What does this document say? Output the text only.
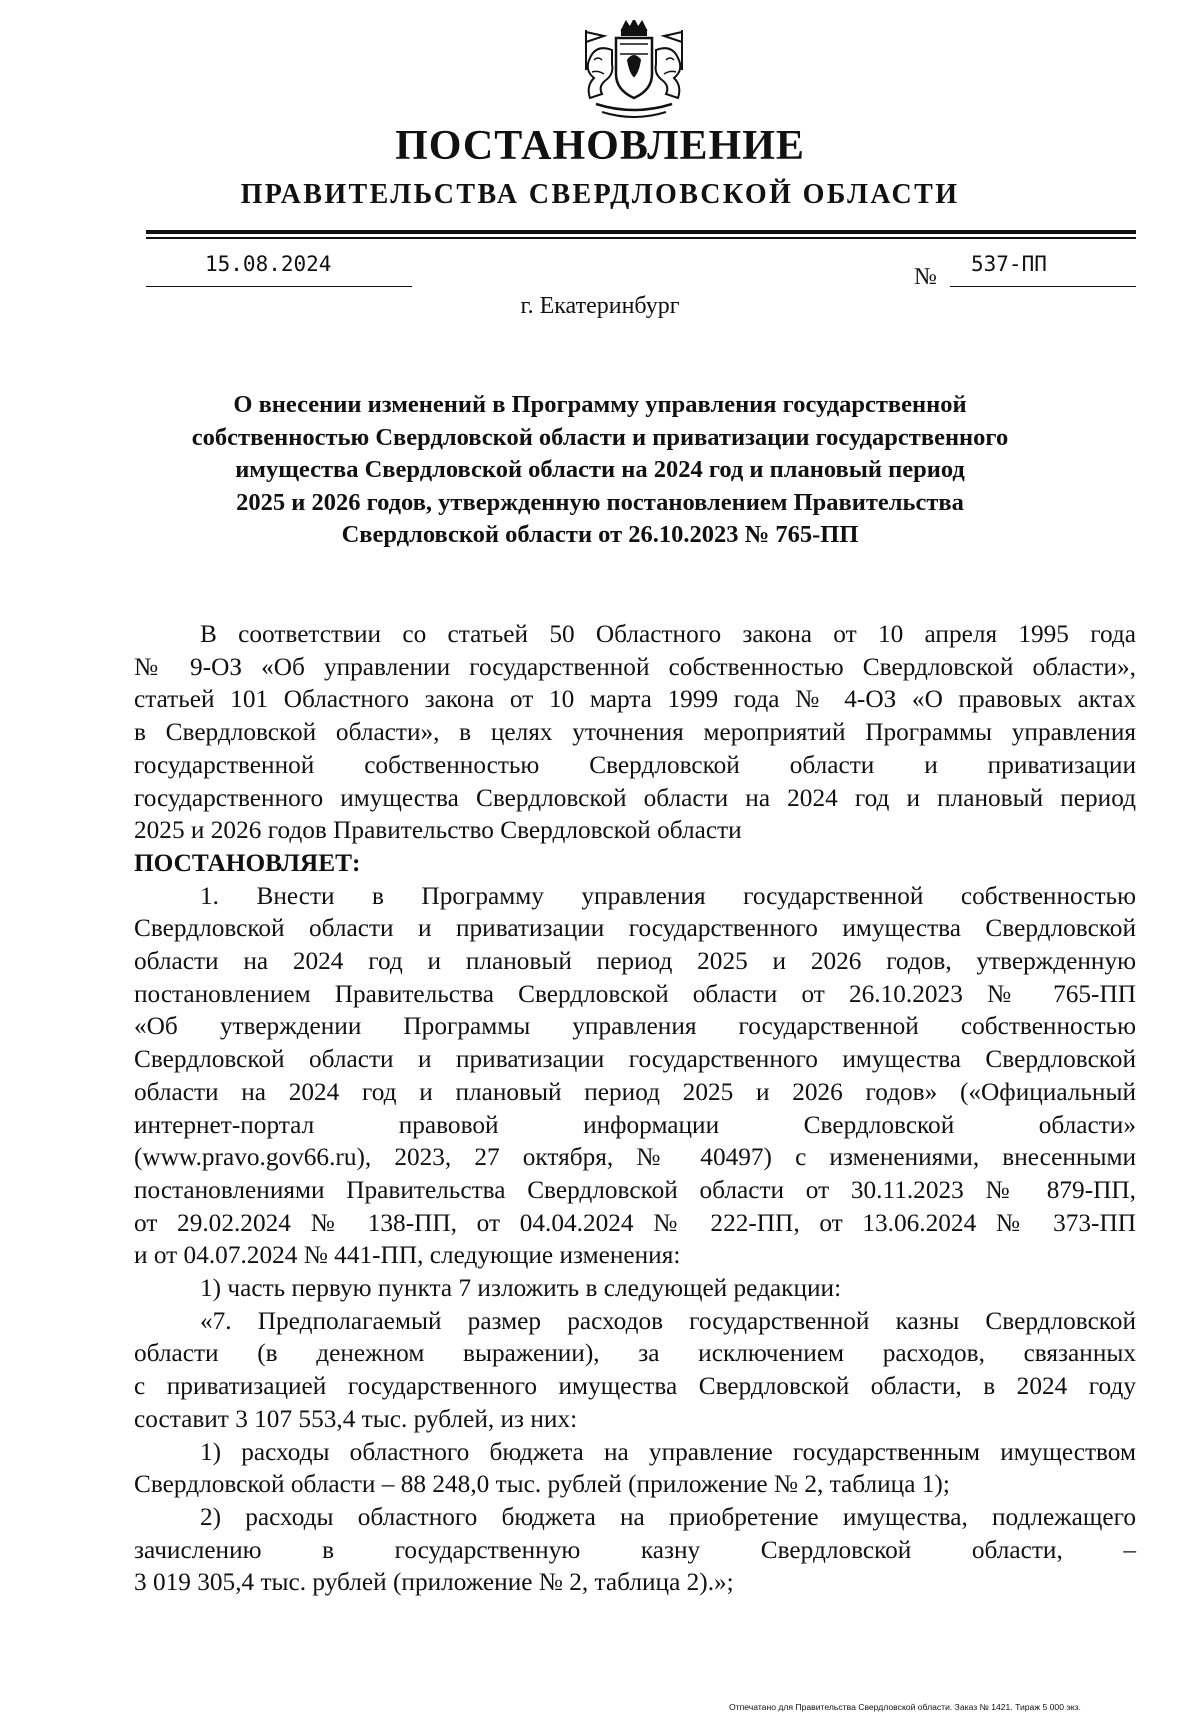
ПОСТАНОВЛЕНИЕ
ПРАВИТЕЛЬСТВА СВЕРДЛОВСКОЙ ОБЛАСТИ
15.08.2024	№ 537-ПП
г. Екатеринбург
О внесении изменений в Программу управления государственной
собственностью Свердловской области и приватизации государственного
имущества Свердловской области на 2024 год и плановый период
2025 и 2026 годов, утвержденную постановлением Правительства
Свердловской области от 26.10.2023 № 765-ПП
В соответствии со статьей 50 Областного закона от 10 апреля 1995 года
№ 9-ОЗ «Об управлении государственной собственностью Свердловской области»,
статьей 101 Областного закона от 10 марта 1999 года № 4-ОЗ «О правовых актах
в Свердловской области», в целях уточнения мероприятий Программы управления
государственной собственностью Свердловской области и приватизации
государственного имущества Свердловской области на 2024 год и плановый период
2025 и 2026 годов Правительство Свердловской области
ПОСТАНОВЛЯЕТ:
1. Внести в Программу управления государственной собственностью
Свердловской области и приватизации государственного имущества Свердловской
области на 2024 год и плановый период 2025 и 2026 годов, утвержденную
постановлением Правительства Свердловской области от 26.10.2023 № 765-ПП
«Об утверждении Программы управления государственной собственностью
Свердловской области и приватизации государственного имущества Свердловской
области на 2024 год и плановый период 2025 и 2026 годов» («Официальный
интернет-портал правовой информации Свердловской области»
(www.pravo.gov66.ru), 2023, 27 октября, № 40497) с изменениями, внесенными
постановлениями Правительства Свердловской области от 30.11.2023 № 879-ПП,
от 29.02.2024 № 138-ПП, от 04.04.2024 № 222-ПП, от 13.06.2024 № 373-ПП
и от 04.07.2024 № 441-ПП, следующие изменения:
1) часть первую пункта 7 изложить в следующей редакции:
«7. Предполагаемый размер расходов государственной казны Свердловской
области (в денежном выражении), за исключением расходов, связанных
с приватизацией государственного имущества Свердловской области, в 2024 году
составит 3 107 553,4 тыс. рублей, из них:
1) расходы областного бюджета на управление государственным имуществом
Свердловской области – 88 248,0 тыс. рублей (приложение № 2, таблица 1);
2) расходы областного бюджета на приобретение имущества, подлежащего
зачислению в государственную казну Свердловской области, –
3 019 305,4 тыс. рублей (приложение № 2, таблица 2).»;
Отпечатано для Правительства Свердловской области. Заказ № 1421. Тираж 5 000 экз.
